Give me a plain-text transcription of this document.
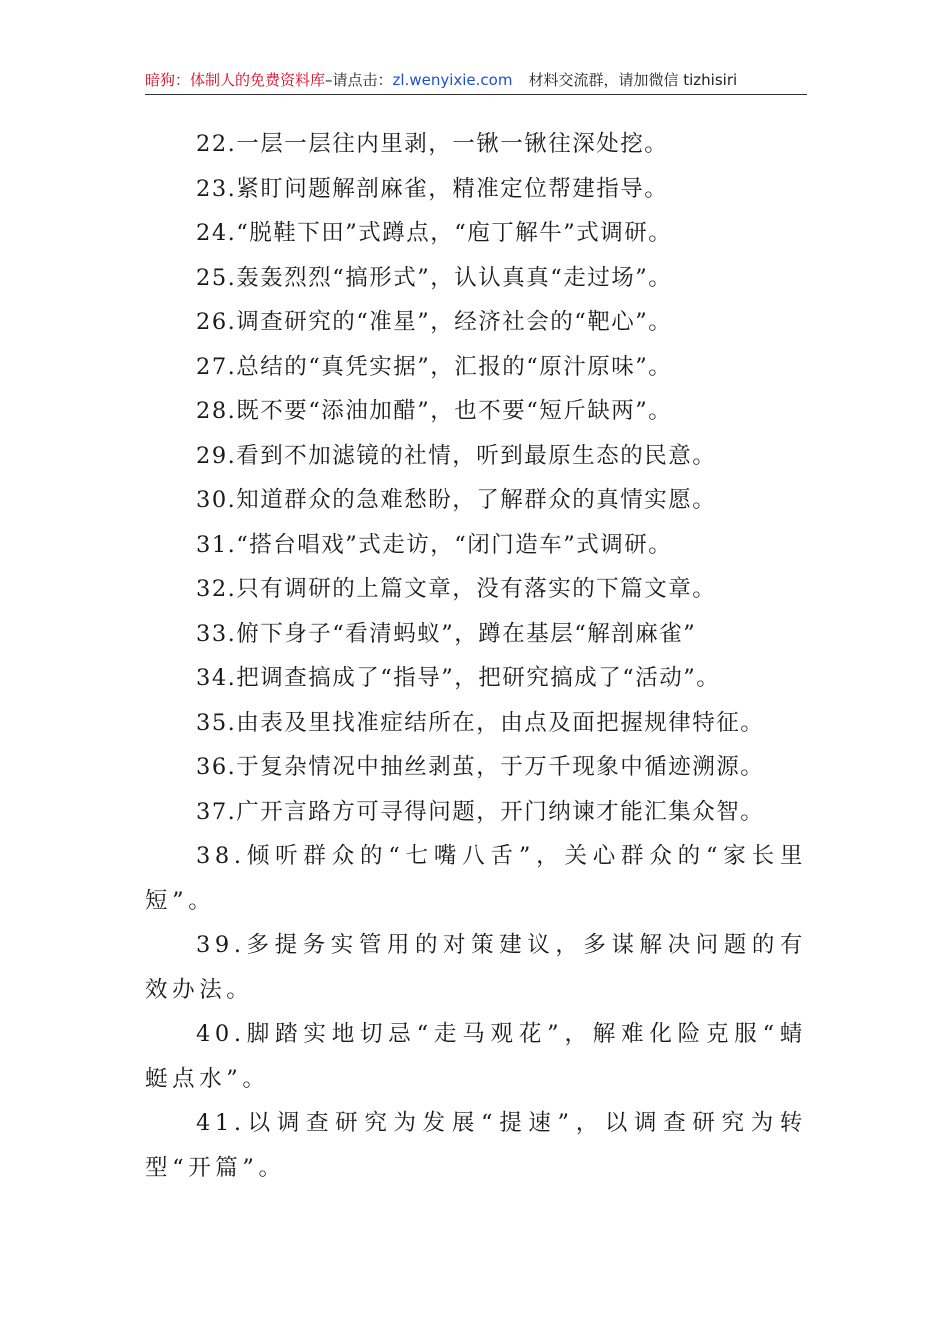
暗狗：体制人的免费资料库–请点击：zl.wenyixie.com 材料交流群，请加微信 tizhisiri

22.一层一层往内里剥，一锹一锹往深处挖。

23.紧盯问题解剖麻雀，精准定位帮建指导。

24.“脱鞋下田”式蹲点，“庖丁解牛”式调研。

25.轰轰烈烈“搞形式”，认认真真“走过场”。

26.调查研究的“准星”，经济社会的“靶心”。

27.总结的“真凭实据”，汇报的“原汁原味”。

28.既不要“添油加醋”，也不要“短斤缺两”。

29.看到不加滤镜的社情，听到最原生态的民意。

30.知道群众的急难愁盼，了解群众的真情实愿。

31.“搭台唱戏”式走访，“闭门造车”式调研。

32.只有调研的上篇文章，没有落实的下篇文章。

33.俯下身子“看清蚂蚁”，蹲在基层“解剖麻雀”

34.把调查搞成了“指导”，把研究搞成了“活动”。

35.由表及里找准症结所在，由点及面把握规律特征。

36.于复杂情况中抽丝剥茧，于万千现象中循迹溯源。

37.广开言路方可寻得问题，开门纳谏才能汇集众智。

38.倾听群众的“七嘴八舌”，关心群众的“家长里短”。

39.多提务实管用的对策建议，多谋解决问题的有效办法。

40.脚踏实地切忌“走马观花”，解难化险克服“蜻蜓点水”。

41.以调查研究为发展“提速”，以调查研究为转型“开篇”。
